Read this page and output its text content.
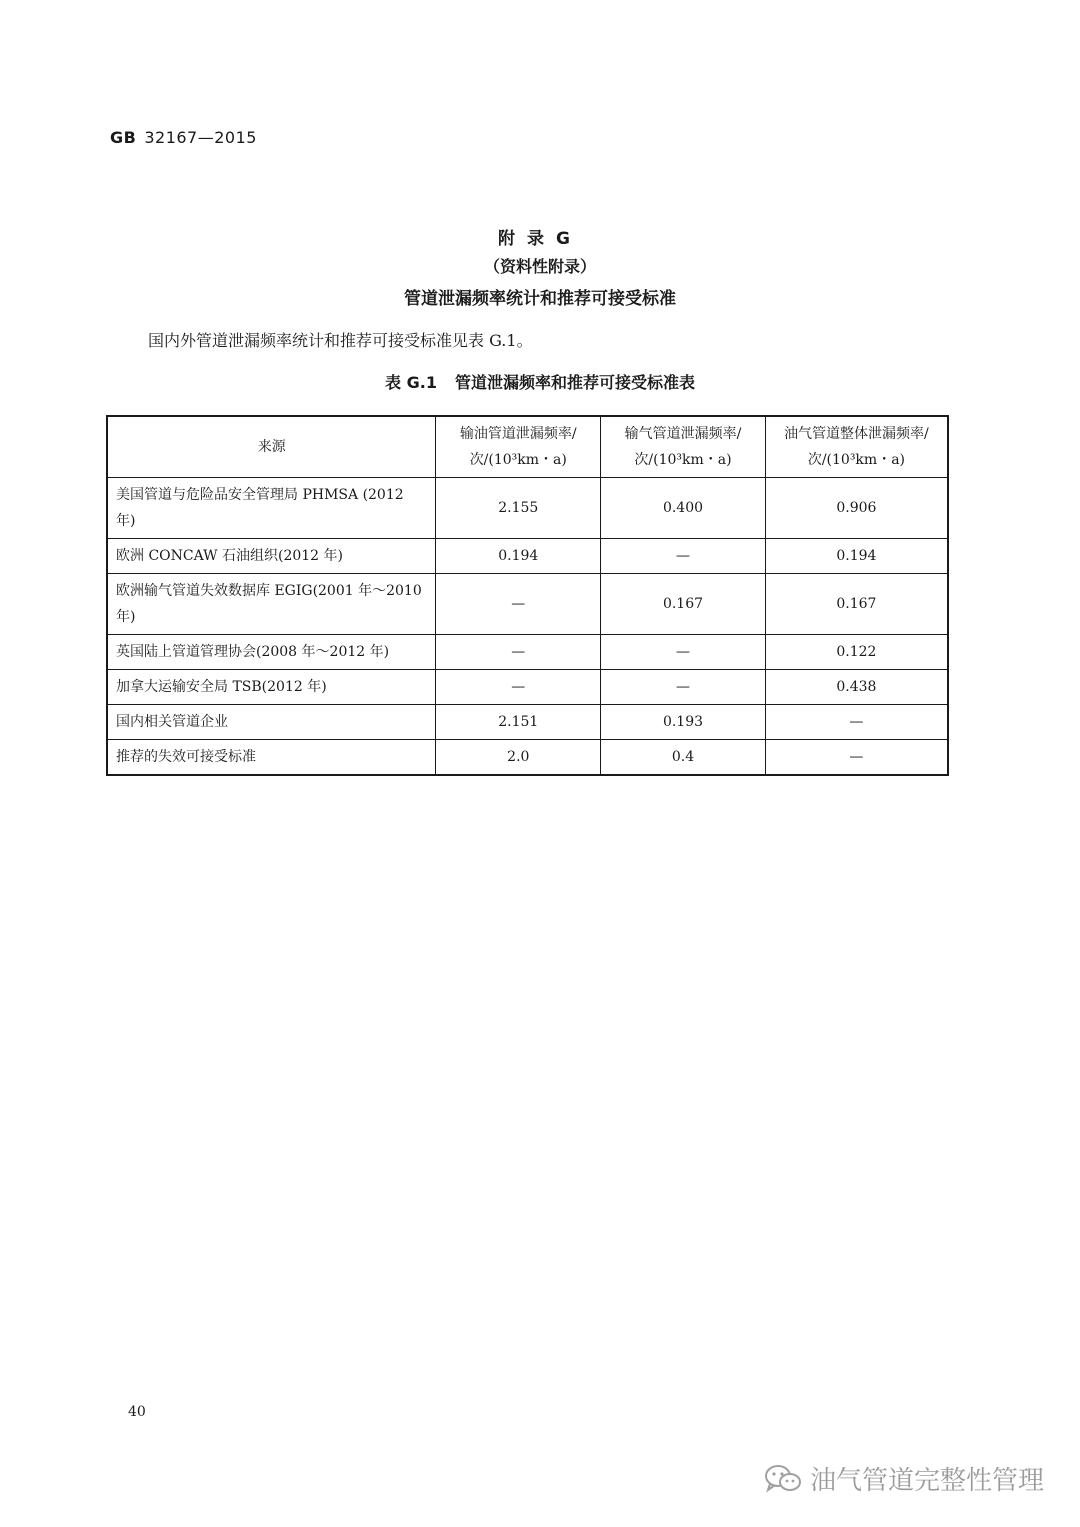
GB 32167—2015
附录G
（资料性附录）
管道泄漏频率统计和推荐可接受标准
国内外管道泄漏频率统计和推荐可接受标准见表 G.1。
表 G.1 管道泄漏频率和推荐可接受标准表
来源	输油管道泄漏频率/次/(10³km・a)	输气管道泄漏频率/次/(10³km・a)	油气管道整体泄漏频率/次/(10³km・a)
美国管道与危险品安全管理局 PHMSA (2012 年)	2.155	0.400	0.906
欧洲 CONCAW 石油组织(2012 年)	0.194	—	0.194
欧洲输气管道失效数据库 EGIG(2001 年～2010 年)	—	0.167	0.167
英国陆上管道管理协会(2008 年～2012 年)	—	—	0.122
加拿大运输安全局 TSB(2012 年)	—	—	0.438
国内相关管道企业	2.151	0.193	—
推荐的失效可接受标准	2.0	0.4	—
40
油气管道完整性管理
